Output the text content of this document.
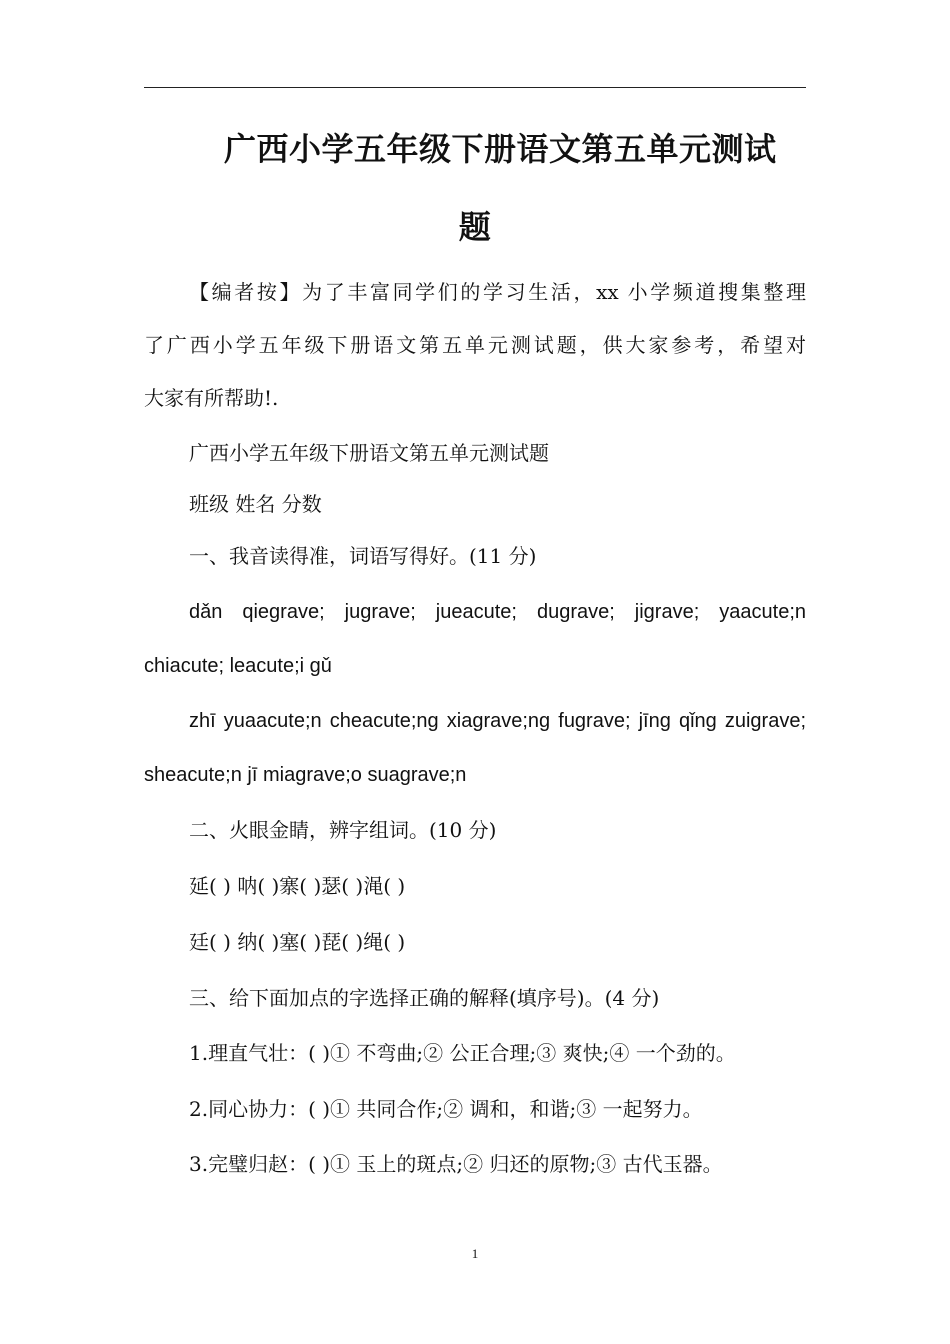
广西小学五年级下册语文第五单元测试
题
【编者按】为了丰富同学们的学习生活，xx 小学频道搜集整理
了广西小学五年级下册语文第五单元测试题，供大家参考，希望对
大家有所帮助!.
广西小学五年级下册语文第五单元测试题
班级 姓名 分数
一、我音读得准，词语写得好。(11 分)
dǎn qiegrave; jugrave; jueacute; dugrave; jigrave; yaacute;n
chiacute; leacute;i gǔ
zhī yuaacute;n cheacute;ng xiagrave;ng fugrave; jīng qǐng zuigrave;
sheacute;n jī miagrave;o suagrave;n
二、火眼金睛，辨字组词。(10 分)
延( ) 呐( )寨( )瑟( )渑( )
廷( ) 纳( )塞( )琵( )绳( )
三、给下面加点的字选择正确的解释(填序号)。(4 分)
1.理直气壮：( )① 不弯曲;② 公正合理;③ 爽快;④ 一个劲的。
2.同心协力：( )① 共同合作;② 调和，和谐;③ 一起努力。
3.完璧归赵：( )① 玉上的斑点;② 归还的原物;③ 古代玉器。
1
